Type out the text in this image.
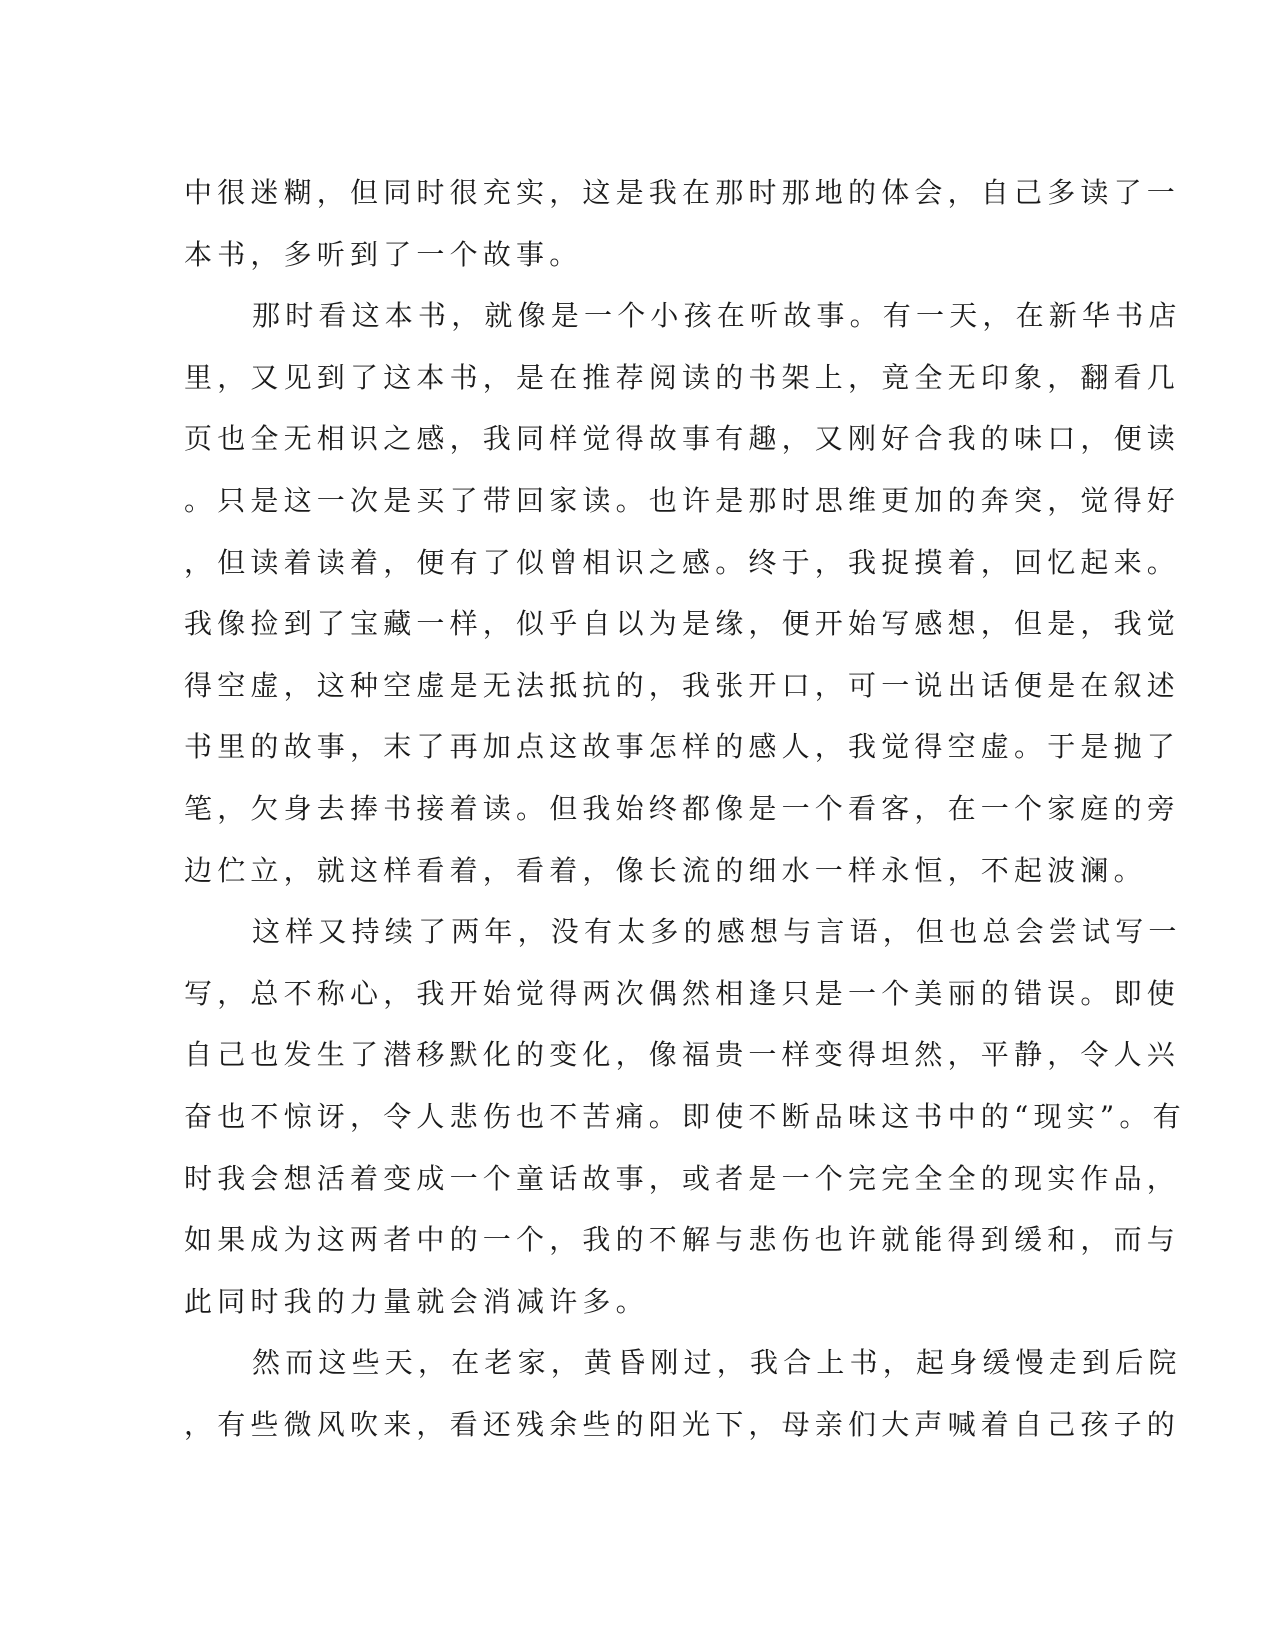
中很迷糊，但同时很充实，这是我在那时那地的体会，自己多读了一
本书，多听到了一个故事。
那时看这本书，就像是一个小孩在听故事。有一天，在新华书店
里，又见到了这本书，是在推荐阅读的书架上，竟全无印象，翻看几
页也全无相识之感，我同样觉得故事有趣，又刚好合我的味口，便读
。只是这一次是买了带回家读。也许是那时思维更加的奔突，觉得好
，但读着读着，便有了似曾相识之感。终于，我捉摸着，回忆起来。
我像捡到了宝藏一样，似乎自以为是缘，便开始写感想，但是，我觉
得空虚，这种空虚是无法抵抗的，我张开口，可一说出话便是在叙述
书里的故事，末了再加点这故事怎样的感人，我觉得空虚。于是抛了
笔，欠身去捧书接着读。但我始终都像是一个看客，在一个家庭的旁
边伫立，就这样看着，看着，像长流的细水一样永恒，不起波澜。
这样又持续了两年，没有太多的感想与言语，但也总会尝试写一
写，总不称心，我开始觉得两次偶然相逢只是一个美丽的错误。即使
自己也发生了潜移默化的变化，像福贵一样变得坦然，平静，令人兴
奋也不惊讶，令人悲伤也不苦痛。即使不断品味这书中的“现实”。有
时我会想活着变成一个童话故事，或者是一个完完全全的现实作品，
如果成为这两者中的一个，我的不解与悲伤也许就能得到缓和，而与
此同时我的力量就会消减许多。
然而这些天，在老家，黄昏刚过，我合上书，起身缓慢走到后院
，有些微风吹来，看还残余些的阳光下，母亲们大声喊着自己孩子的
